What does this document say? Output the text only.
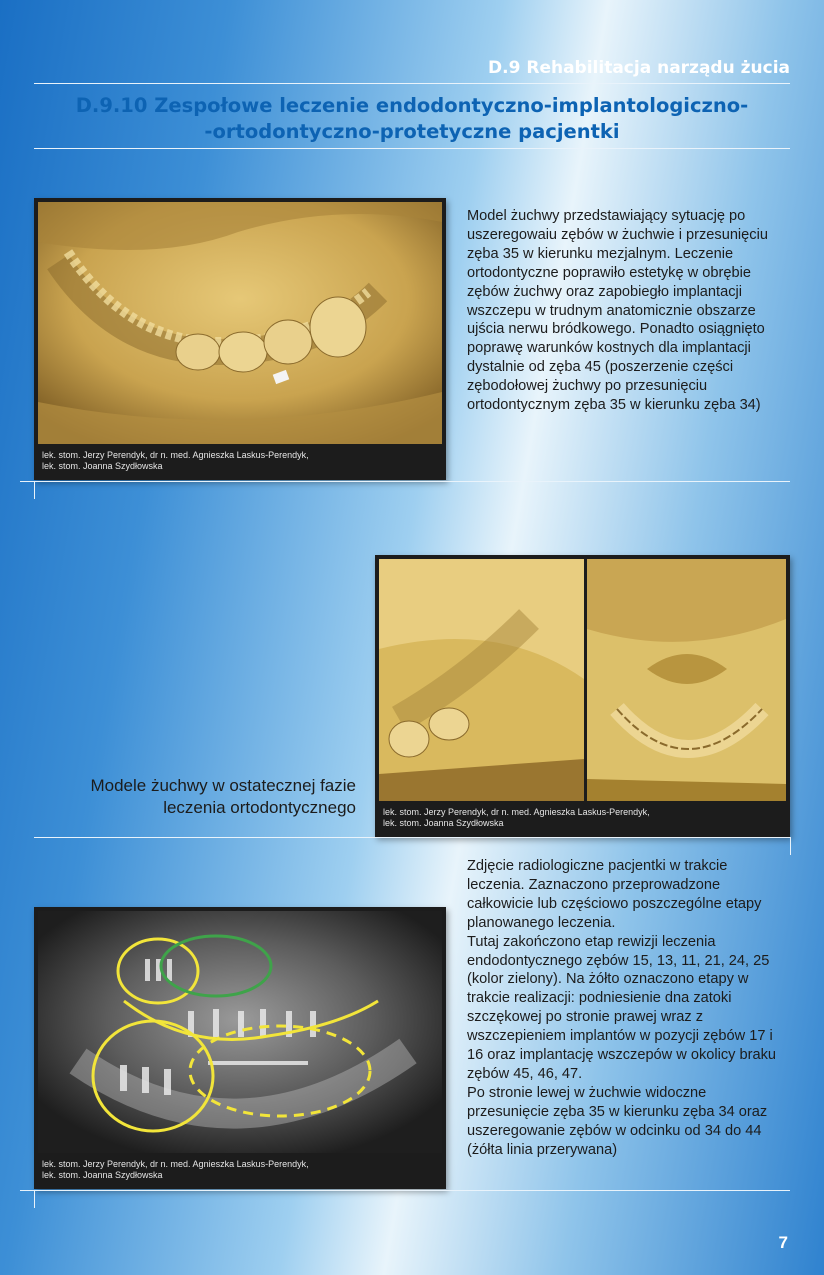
D.9 Rehabilitacja narządu żucia
D.9.10 Zespołowe leczenie endodontyczno-implantologiczno-
-ortodontyczno-protetyczne pacjentki
lek. stom. Jerzy Perendyk, dr n. med. Agnieszka Laskus-Perendyk,
lek. stom. Joanna Szydłowska

Model żuchwy przedstawiający sytuację po uszeregowaiu zębów w żuchwie i przesunięciu zęba 35 w kierunku mezjalnym. Leczenie ortodontyczne poprawiło estetykę w obrębie zębów żuchwy oraz zapobiegło implantacji wszczepu w trudnym anatomicznie obszarze ujścia nerwu bródkowego. Ponadto osiągnięto poprawę warunków kostnych dla implantacji dystalnie od zęba 45 (poszerzenie części zębodołowej żuchwy po przesunięciu ortodontycznym zęba 35 w kierunku zęba 34)

lek. stom. Jerzy Perendyk, dr n. med. Agnieszka Laskus-Perendyk,
lek. stom. Joanna Szydłowska
Modele żuchwy w ostatecznej fazie
leczenia ortodontycznego
lek. stom. Jerzy Perendyk, dr n. med. Agnieszka Laskus-Perendyk,
lek. stom. Joanna Szydłowska

Zdjęcie radiologiczne pacjentki w trakcie leczenia. Zaznaczono przeprowadzone całkowicie lub częściowo poszczególne etapy planowanego leczenia.

Tutaj zakończono etap rewizji leczenia endodontycznego zębów 15, 13, 11, 21, 24, 25 (kolor zielony). Na żółto oznaczono etapy w trakcie realizacji: podniesienie dna zatoki szczękowej po stronie prawej wraz z wszczepieniem implantów w pozycji zębów 17 i 16 oraz implantację wszczepów w okolicy braku zębów 45, 46, 47.

Po stronie lewej w żuchwie widoczne przesunięcie zęba 35 w kierunku zęba 34 oraz uszeregowanie zębów w odcinku od 34 do 44 (żółta linia przerywana)

7
